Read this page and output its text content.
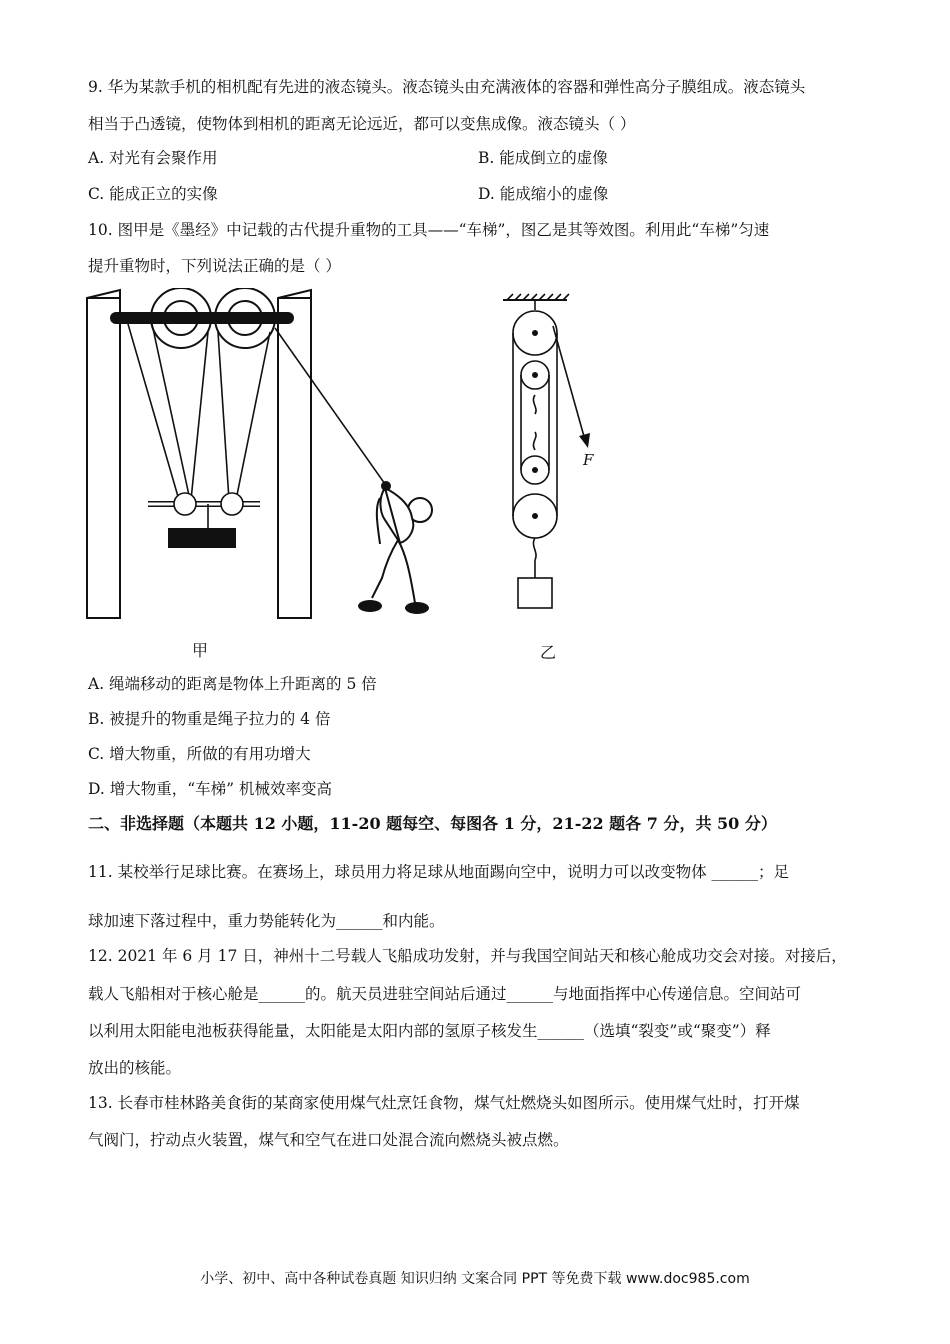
9. 华为某款手机的相机配有先进的液态镜头。液态镜头由充满液体的容器和弹性高分子膜组成。液态镜头
相当于凸透镜，使物体到相机的距离无论远近，都可以变焦成像。液态镜头（ ）
A. 对光有会聚作用	B. 能成倒立的虚像
C. 能成正立的实像	D. 能成缩小的虚像
10. 图甲是《墨经》中记载的古代提升重物的工具——“车梯”，图乙是其等效图。利用此“车梯”匀速
提升重物时，下列说法正确的是（ ）
甲
F
乙
A. 绳端移动的距离是物体上升距离的 5 倍
B. 被提升的物重是绳子拉力的 4 倍
C. 增大物重，所做的有用功增大
D. 增大物重，“车梯” 机械效率变高
二、非选择题（本题共 12 小题，11-20 题每空、每图各 1 分，21-22 题各 7 分，共 50 分）
11. 某校举行足球比赛。在赛场上，球员用力将足球从地面踢向空中，说明力可以改变物体 ______；足
球加速下落过程中，重力势能转化为______和内能。
12. 2021 年 6 月 17 日，神州十二号载人飞船成功发射，并与我国空间站天和核心舱成功交会对接。对接后，
载人飞船相对于核心舱是______的。航天员进驻空间站后通过______与地面指挥中心传递信息。空间站可
以利用太阳能电池板获得能量，太阳能是太阳内部的氢原子核发生______（选填“裂变”或“聚变”）释
放出的核能。
13. 长春市桂林路美食街的某商家使用煤气灶烹饪食物，煤气灶燃烧头如图所示。使用煤气灶时，打开煤
气阀门，拧动点火装置，煤气和空气在进口处混合流向燃烧头被点燃。
小学、初中、高中各种试卷真题 知识归纳 文案合同 PPT 等免费下载 www.doc985.com
